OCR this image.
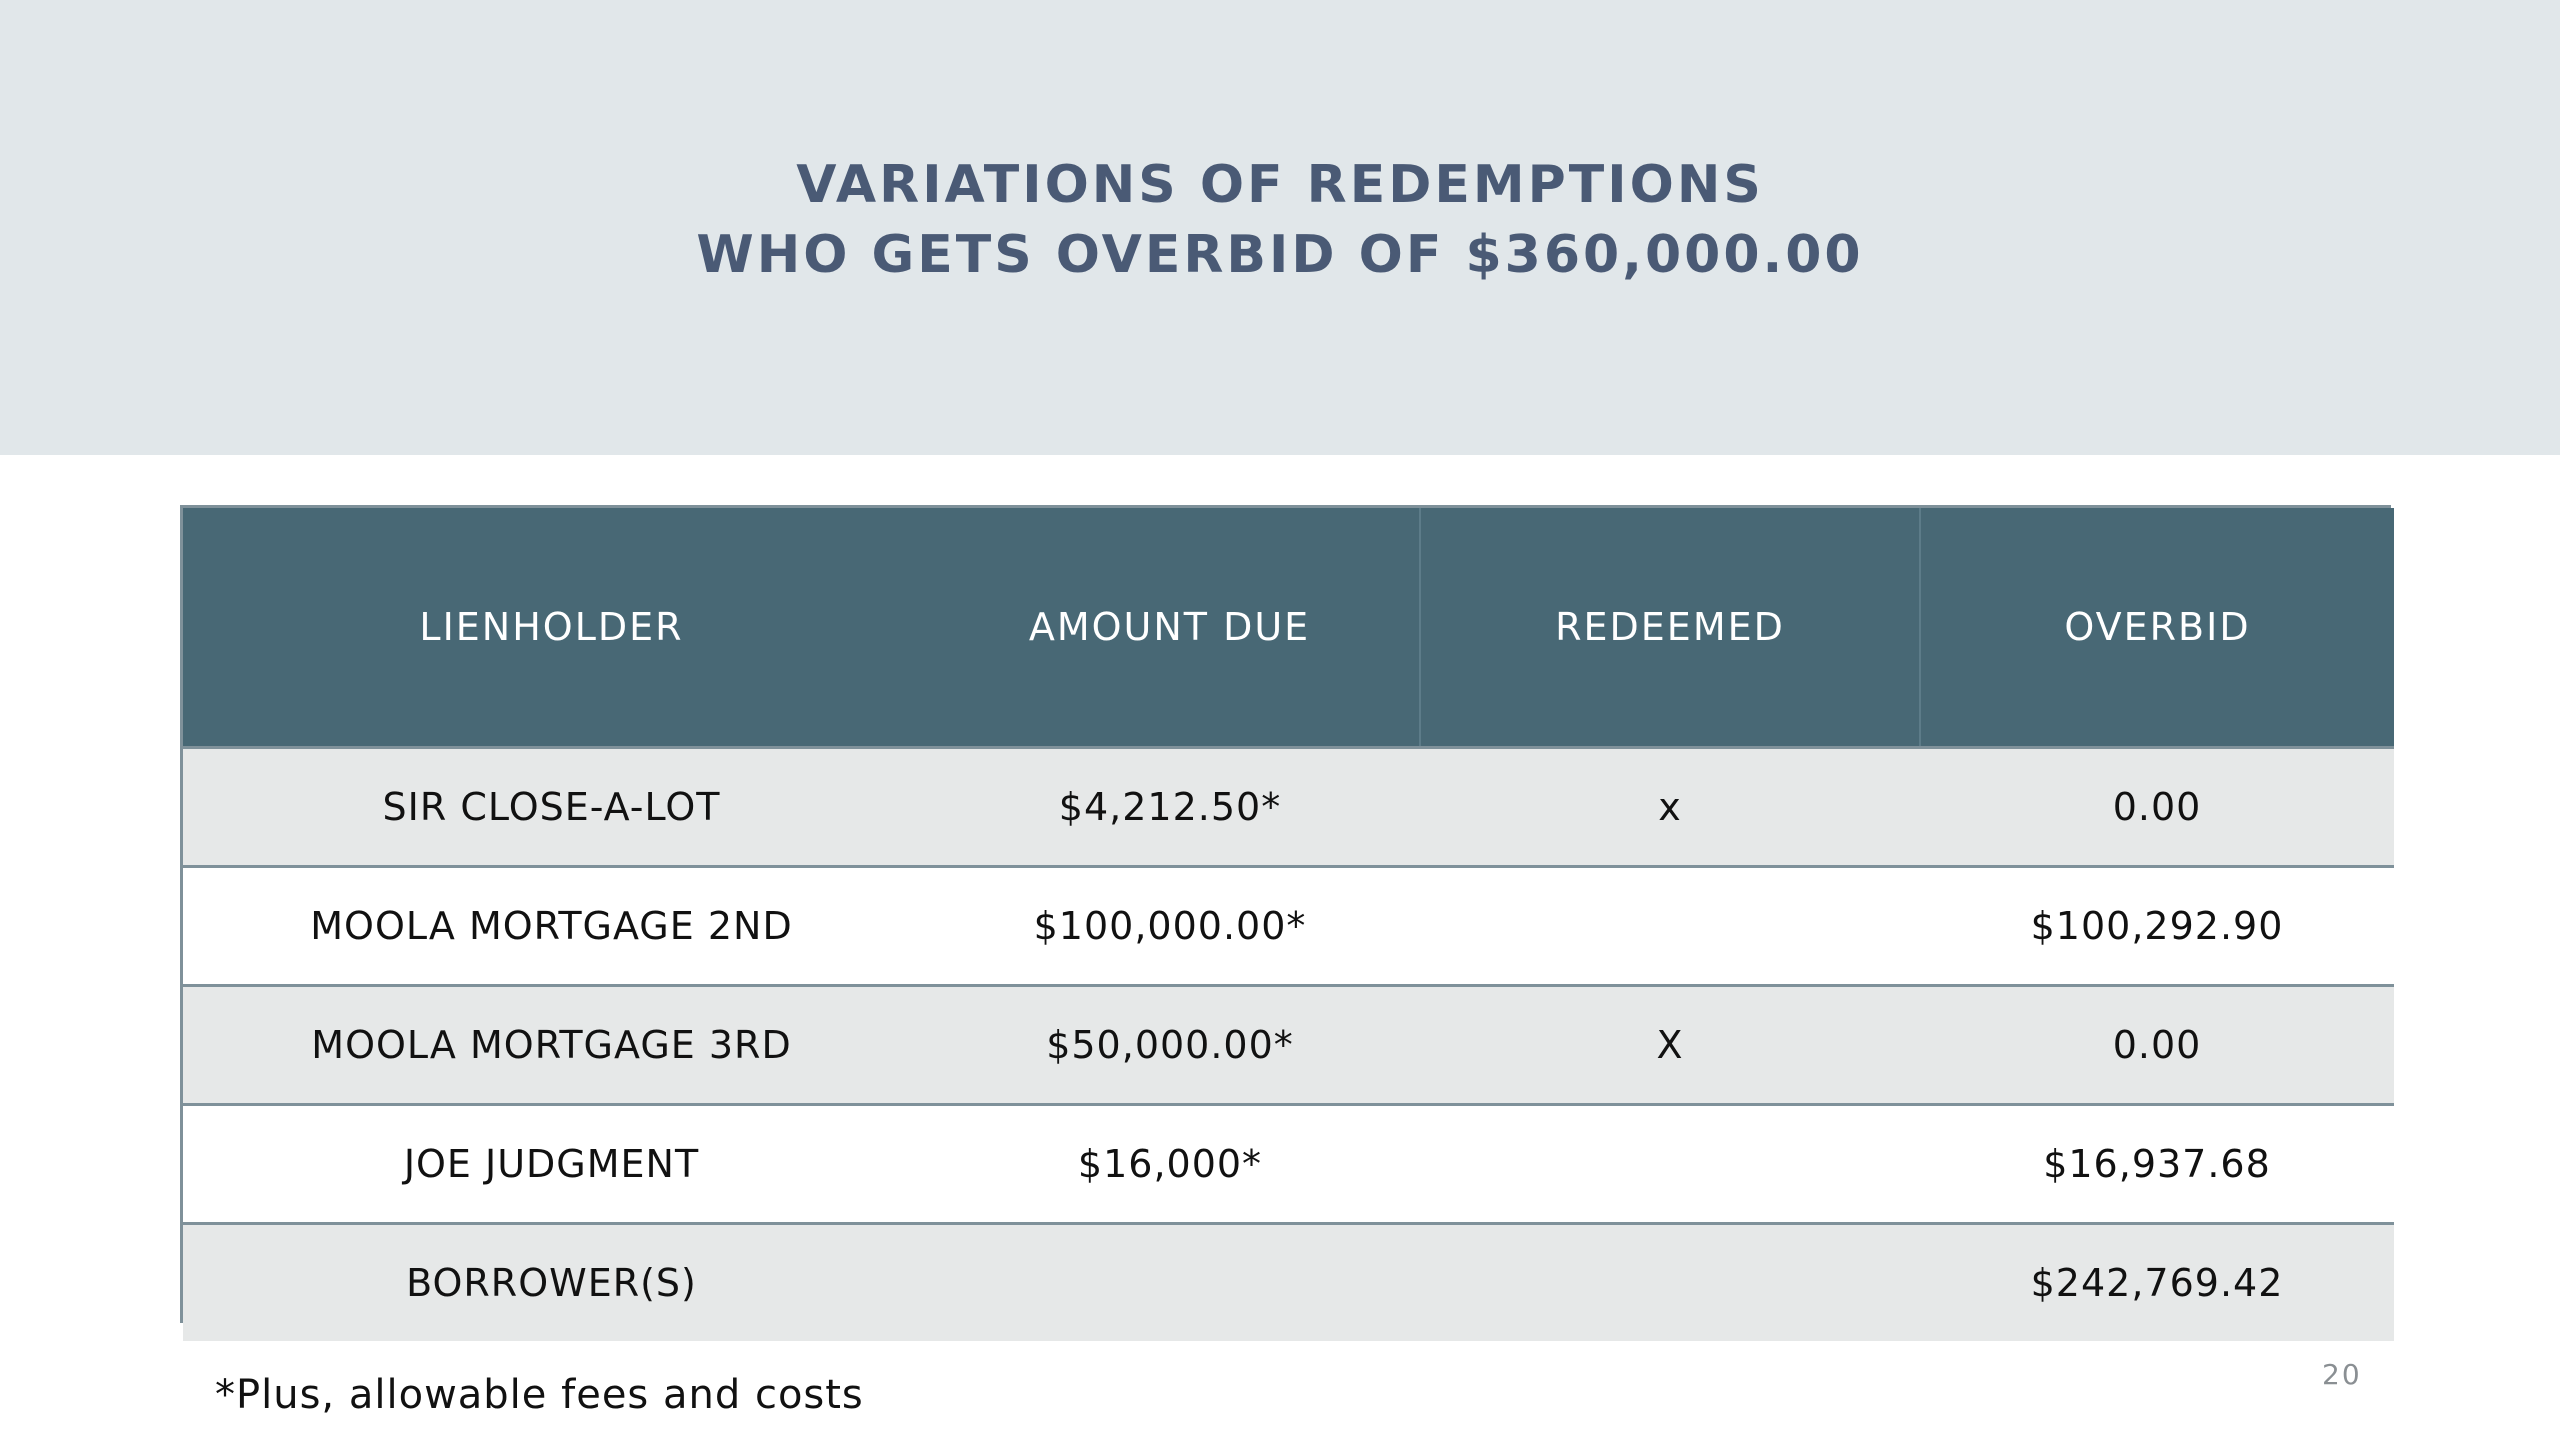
VARIATIONS OF REDEMPTIONS
WHO GETS OVERBID OF $360,000.00
LIENHOLDER	AMOUNT DUE	REDEEMED	OVERBID
SIR CLOSE-A-LOT	$4,212.50*	x	0.00
MOOLA MORTGAGE 2ND	$100,000.00*		$100,292.90
MOOLA MORTGAGE 3RD	$50,000.00*	X	0.00
JOE JUDGMENT	$16,000*		$16,937.68
BORROWER(S)			$242,769.42
*Plus, allowable fees and costs	20
